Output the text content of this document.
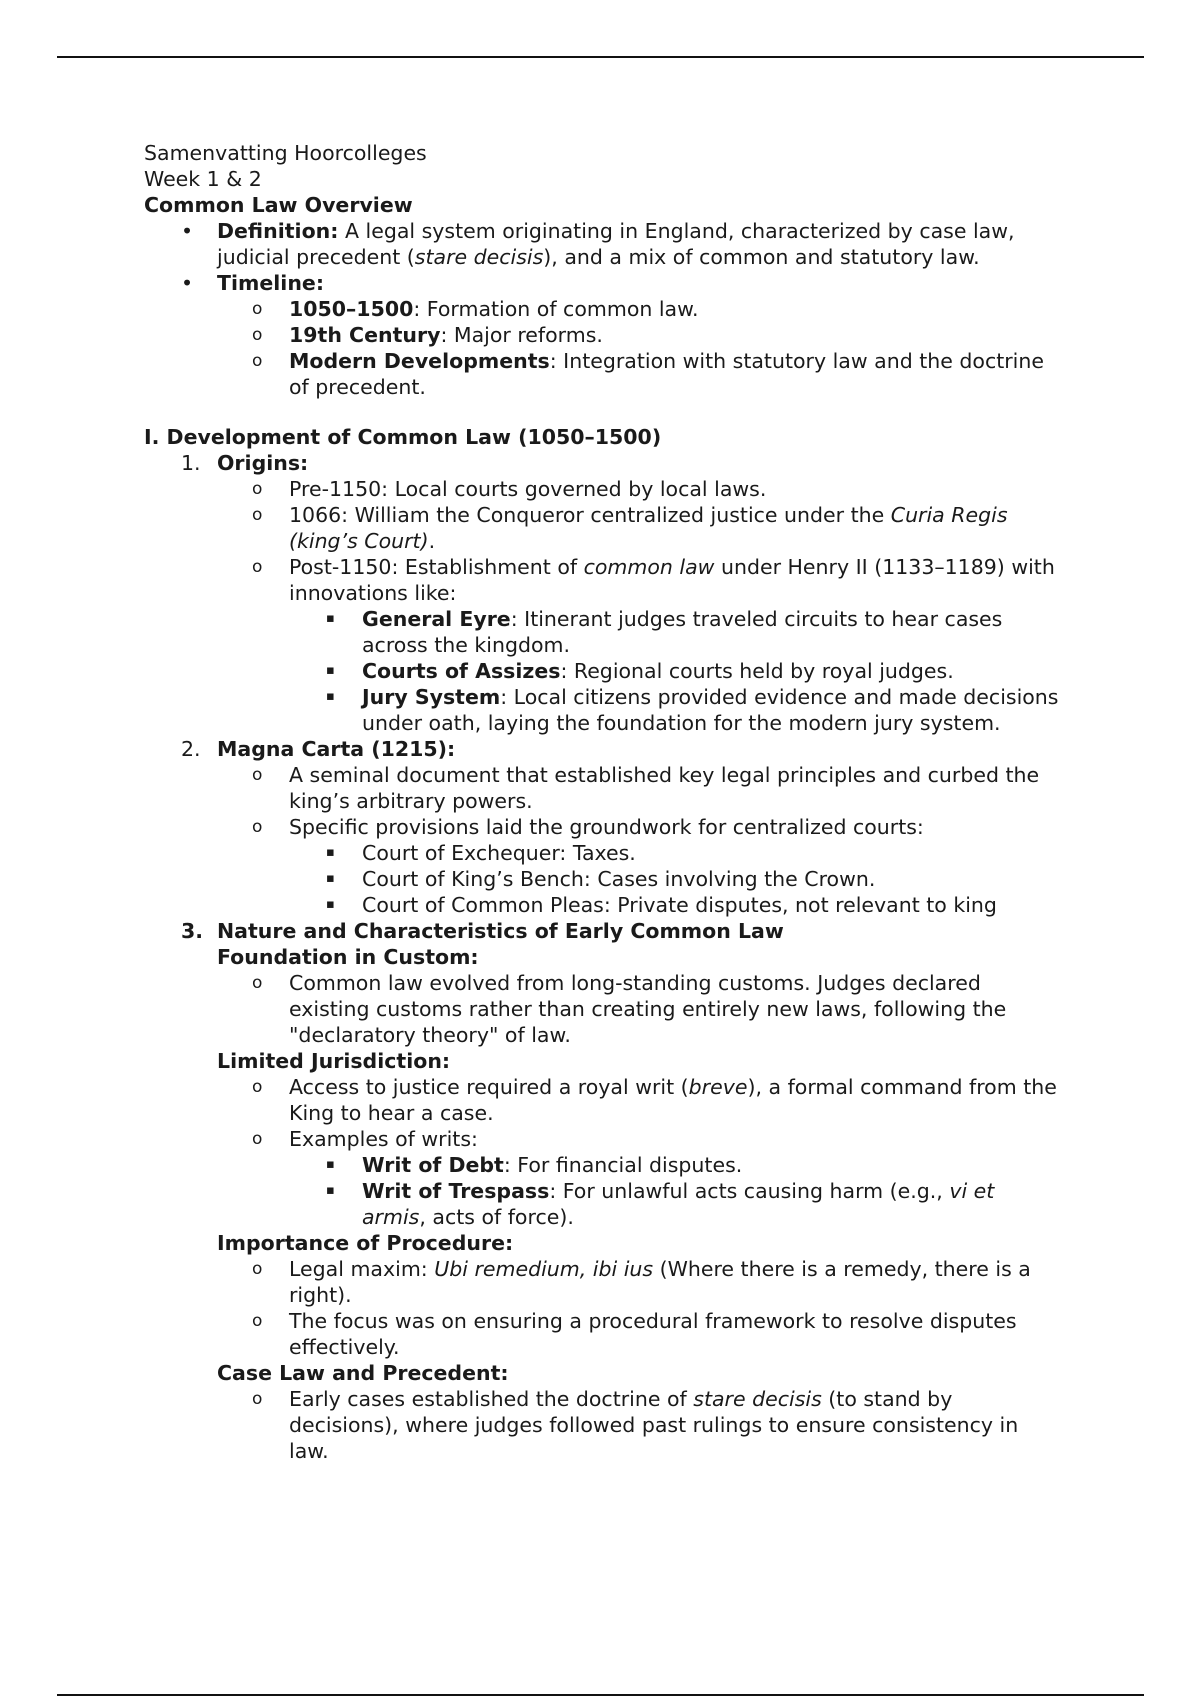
Samenvatting Hoorcolleges

Week 1 & 2

Common Law Overview

• Definition: A legal system originating in England, characterized by case law, judicial precedent (stare decisis), and a mix of common and statutory law.
• Timeline:
o 1050–1500: Formation of common law.
o 19th Century: Major reforms.
o Modern Developments: Integration with statutory law and the doctrine of precedent.

I. Development of Common Law (1050–1500)

1. Origins:
o Pre-1150: Local courts governed by local laws.
o 1066: William the Conqueror centralized justice under the Curia Regis (king’s Court).
o Post-1150: Establishment of common law under Henry II (1133–1189) with innovations like:
▪ General Eyre: Itinerant judges traveled circuits to hear cases across the kingdom.
▪ Courts of Assizes: Regional courts held by royal judges.
▪ Jury System: Local citizens provided evidence and made decisions under oath, laying the foundation for the modern jury system.
2. Magna Carta (1215):
o A seminal document that established key legal principles and curbed the king’s arbitrary powers.
o Specific provisions laid the groundwork for centralized courts:
▪ Court of Exchequer: Taxes.
▪ Court of King’s Bench: Cases involving the Crown.
▪ Court of Common Pleas: Private disputes, not relevant to king
3. Nature and Characteristics of Early Common Law
Foundation in Custom:
o Common law evolved from long-standing customs. Judges declared existing customs rather than creating entirely new laws, following the "declaratory theory" of law.
Limited Jurisdiction:
o Access to justice required a royal writ (breve), a formal command from the King to hear a case.
o Examples of writs:
▪ Writ of Debt: For financial disputes.
▪ Writ of Trespass: For unlawful acts causing harm (e.g., vi et armis, acts of force).
Importance of Procedure:
o Legal maxim: Ubi remedium, ibi ius (Where there is a remedy, there is a right).
o The focus was on ensuring a procedural framework to resolve disputes effectively.
Case Law and Precedent:
o Early cases established the doctrine of stare decisis (to stand by decisions), where judges followed past rulings to ensure consistency in law.
